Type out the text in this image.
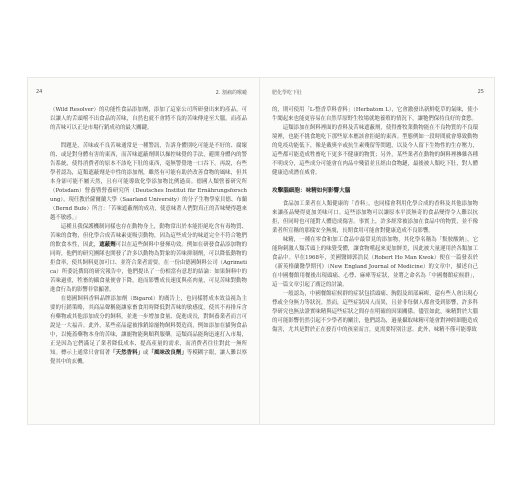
24	2. 割痛的喉嚨

（Wild Resolver）的功能性食品添加劑，添加了這家公司所研發出來的產品，可以讓人的舌頭嚐不出食品的苦味，自然也就不會將不良的苦味傳達至大腦，而產品的苦味可以正是市場行銷成功的最大關鍵。

問題是，苦味或不良苦味通常是一種警訊，告訴身體別吃可能是不好的、腐壞的、或是對身體有害的東西，而苦味遮蔽劑則以操控味覺的手法，避開身體內的警告系統，使得消費者的原本不該吃下肚的東西，毫無警覺地一口吞下。再說，有些學者認為，這類遮蔽劑是中性的添加劑，雖然有可能有助於改善食物的風味，但其本身卻可能不屬天然，且有可能導致化學添加物比例過高。德國人類營養研究所（Potsdam）營養暨營養研究所（Deutsches Institut für Ernährungsforschung），現任教於薩爾蘭大學（Saarland University）的分子生物學家貝德、布蘭（Bernd Bufe）所言：「苦味遮蔽劑的成功，使意味著人們對真正的苦味變得越來越不敏感。」

這種且我保護機制同樣也存在動物身上，動物常出於本能拒絕吃含有毒物質、苦味的食物，但化學合成苦味素更吸引動物，因為這些成分的味道完全不符合牠們的飲食本性，因此，遮蔽劑可以在這些飼料中發揮功效。例如在研發食品添加物的同時，他們的研究團隊也開發了許多以動物為對象的苦味抑制劑，可以降低動物的拒食率，使其飼料更加可口、並符合業者需要。在一份由德國飼料公司（Agrimetica）所委託撰寫的研究報告中，他們提出了一份相當有意思的結論：如果飼料中的苦味過重，牲畜的攝食量便會下降，進而影響成長速度與產肉量，可見苦味對動物進食行為的影響非常顯著。

在德國飼料香料品牌添加劑（Bigarol）的廣告上，也同樣將成本效益視為主要的行銷策略，其商品聲稱能讓家畜食用時降低對苦味的敏感度，使其不再排斥含有藥物或其他添加成分的飼料，並進一步增加食量、促進成長，對飼養業者而言可說是一大福音。此外，某些產品還被推銷給寵物飼料製造商，例如添加在貓狗食品中，以掩蓋藥物本身的苦味，讓寵物能夠順利服藥。這類商品能夠迅速打入市場，正是因為它們滿足了業者降低成本、提高產量的需求，而消費者往往對此一無所知。標示上通常只會寫著「天然香料」或「風味改良劑」等模糊字眼，讓人難以察覺其中的玄機。

肥化學吃下肚	25

的，則可使用「L-整香草料香料」（Herbatom L），它會激發出新鮮乾草的氣味，使小牛聞起來也能更容易在自然草原野生牧場就地養殖的情況下，讓牠們保持良好的食慾。

這類添加在飼料裡面的香料及苦味遮蔽劑，使得畜牧業動物能在不良物質的不良環境裡，也能不挑食地吃下那些原本應該會拒絕的東西。型態例如一段時間就會導致動物的免疫功能低下，像是戴奧辛或抗生素殘留等問題，以及今人留下生物性的生存壓力，這些都可能造成牲畜吃下更多不健康的物質；另外，某些業者在動物的飼料裡摻雜各種不明成分，這些成分可能會在肉品中殘留並且經由食物鏈，最後被人類吃下肚，對人體健康造成潛在威脅。

攻擊腦細胞：味精如何影響大腦

食品加工業者在人類健康的「香料」，也同樣會利用化學合成的香料及其他添加物來讓產品變得更加美味可口。這些添加物可以讓原本平淡無奇的食品變得令人難以抗拒，但同時也可能對人體造成傷害。事實上，許多經常被添加在食品中的物質，並不像業者所宣稱的那樣安全無虞，長期食用可能會對健康造成不良影響。

味精，一種在零食和加工食品中最常見的添加物，其化學名稱為「麩胺酸鈉」，它能夠刺激人類舌頭上的味覺受體，讓食物嚐起來更加鮮美，因此被大量運用於各類加工食品中。早在1968年，美國醫師郭浩民（Robert Ho Man Kwok）便在一篇發表於《新英格蘭醫學期刊》（New England Journal of Medicine）的文章中，描述自己在中國餐館用餐後出現頭痛、心悸、麻痺等症狀，並將之命名為「中國餐館症候群」，這一篇文章引起了廣泛的討論。

一般認為，中國餐館症候群的症狀包括頭痛、胸悶及頸部麻痺，還有些人會出現心悸或全身無力等狀況。然而，這些症狀因人而異，且並非每個人都會受到影響，許多科學研究也無法證實味精與這些症狀之間存在明確的因果關係。儘管如此，味精對於大腦的可能影響仍然引起不少學者的關注，他們認為，過量攝取味精可能會對神經細胞造成傷害，尤其是對於正在發育中的孩童而言，更需要特別注意。此外，味精不僅可能導致
